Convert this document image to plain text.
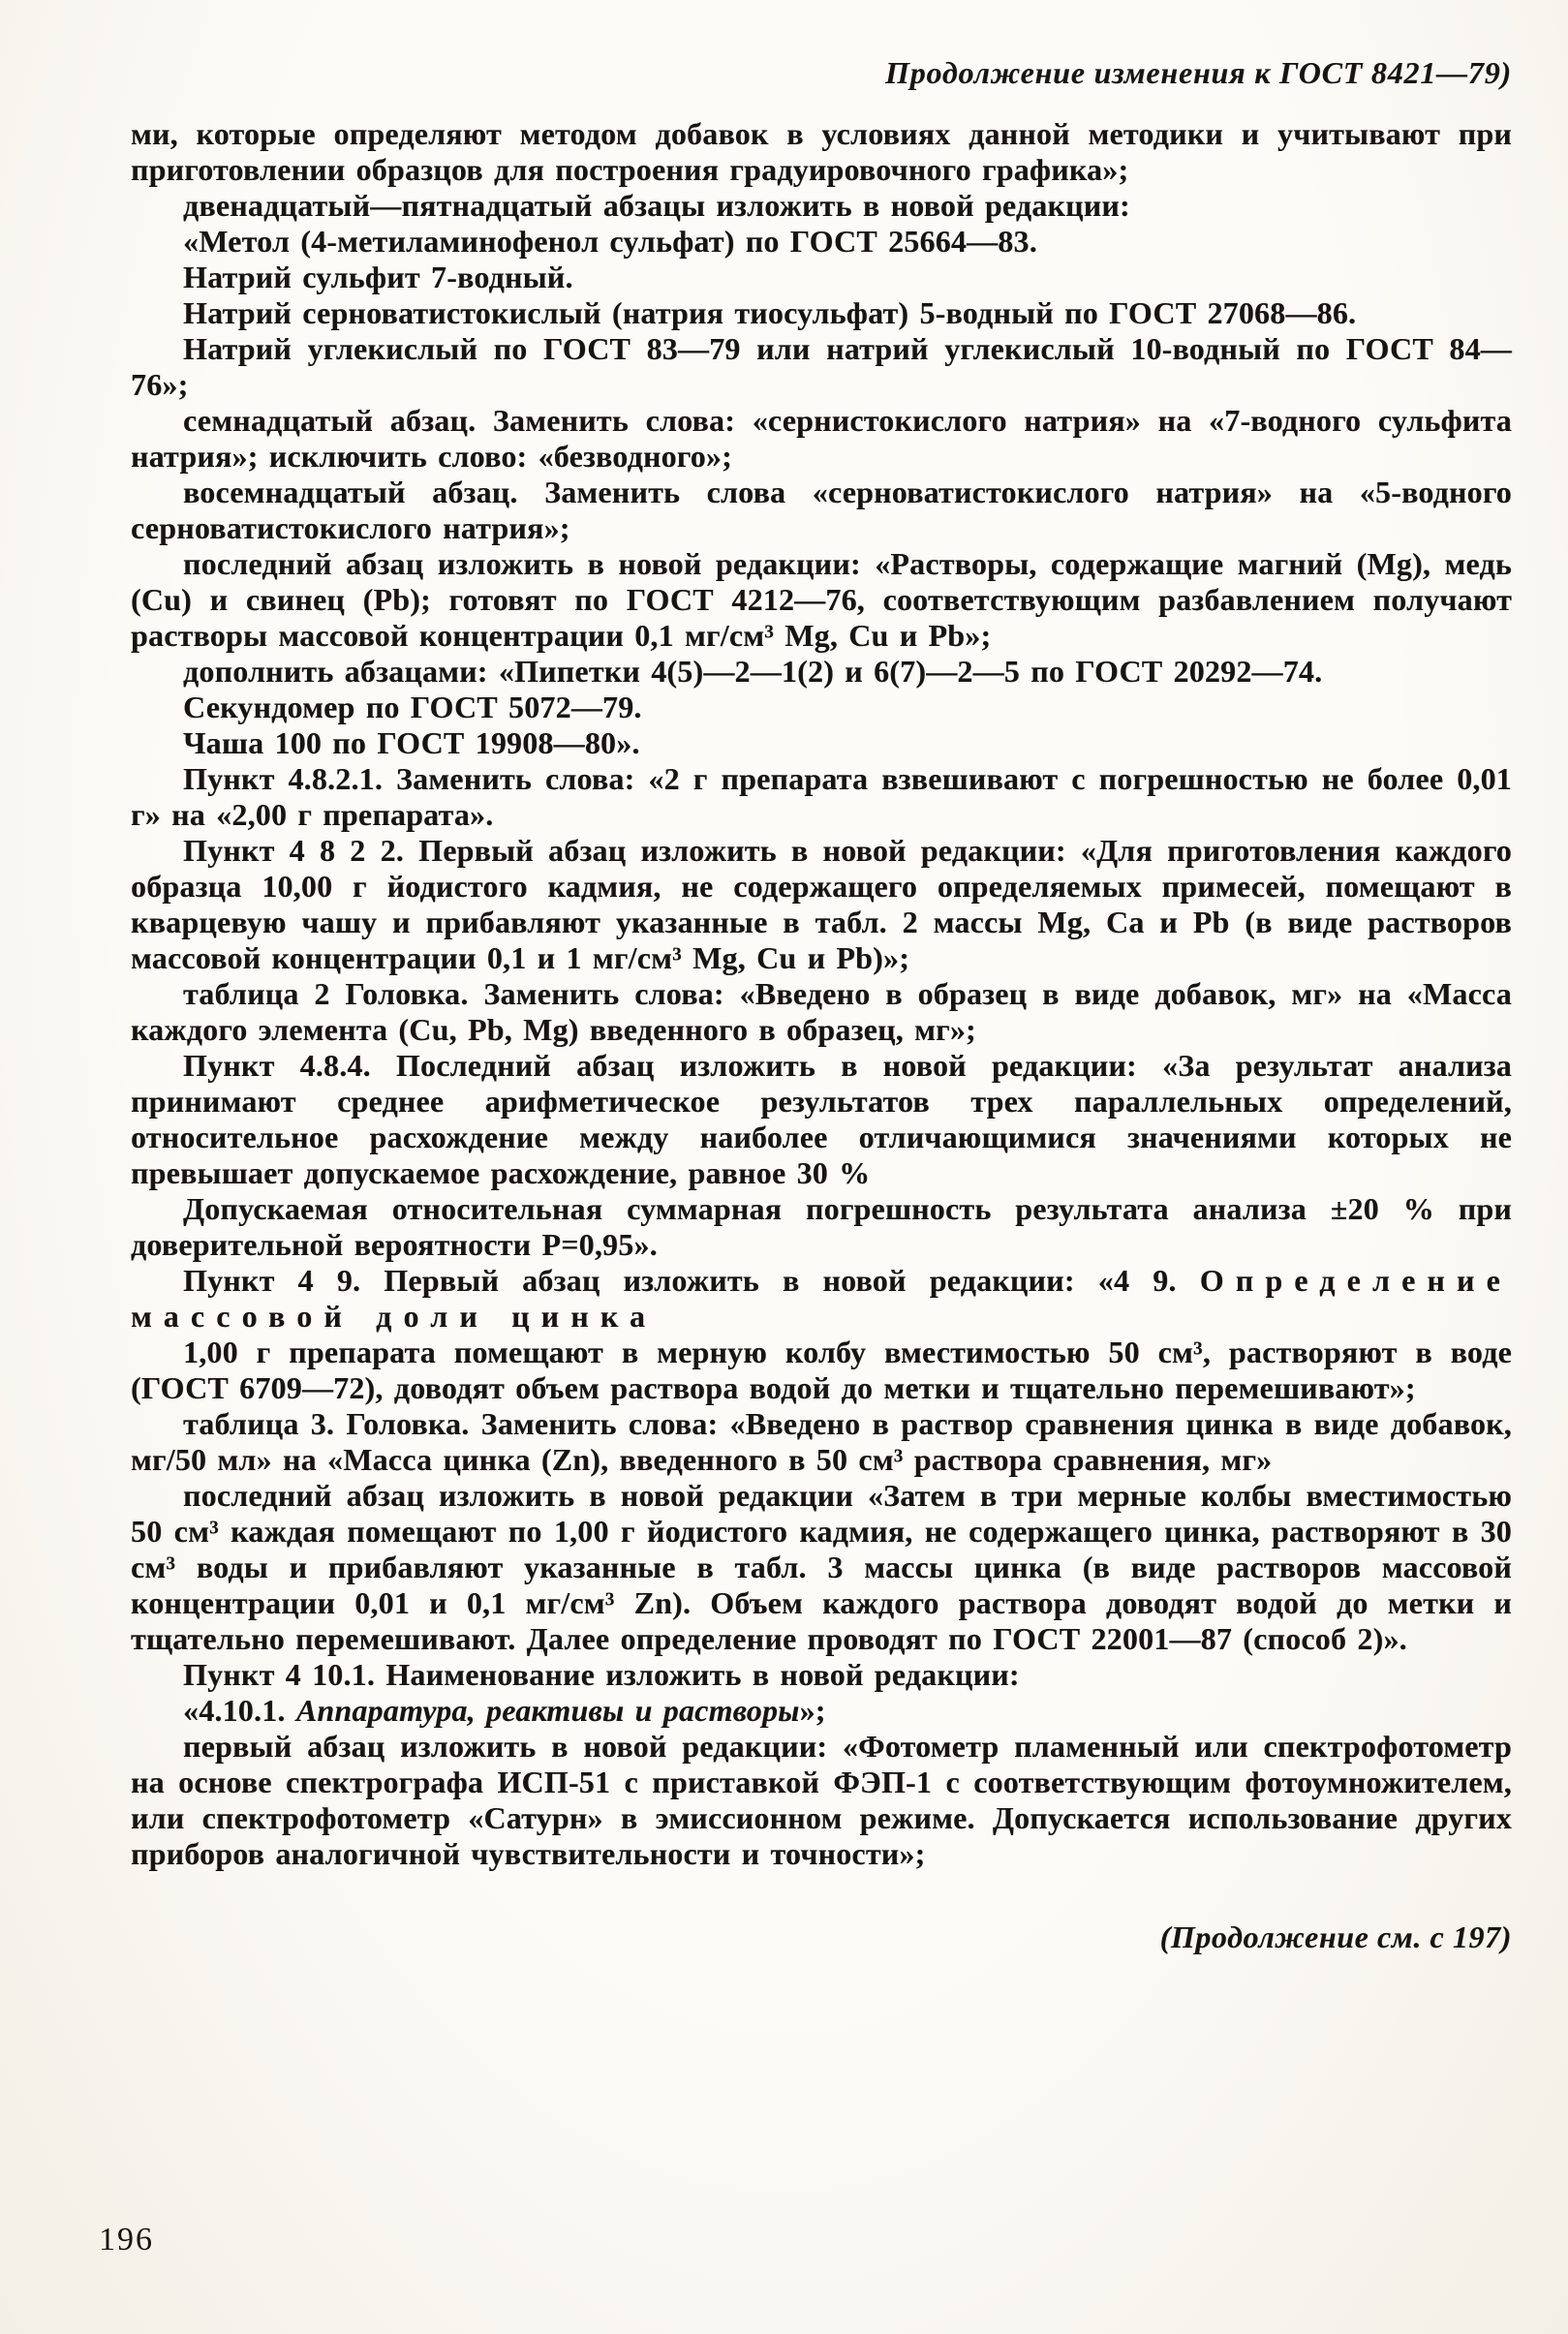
Продолжение изменения к ГОСТ 8421—79)

ми, которые определяют методом добавок в условиях данной методики и учитывают при приготовлении образцов для построения градуировочного графика»;

двенадцатый—пятнадцатый абзацы изложить в новой редакции:

«Метол (4-метиламинофенол сульфат) по ГОСТ 25664—83.

Натрий сульфит 7-водный.

Натрий серноватистокислый (натрия тиосульфат) 5-водный по ГОСТ 27068—86.

Натрий углекислый по ГОСТ 83—79 или натрий углекислый 10-водный по ГОСТ 84—76»;

семнадцатый абзац. Заменить слова: «сернистокислого натрия» на «7-водного сульфита натрия»; исключить слово: «безводного»;

восемнадцатый абзац. Заменить слова «серноватистокислого натрия» на «5-водного серноватистокислого натрия»;

последний абзац изложить в новой редакции: «Растворы, содержащие магний (Mg), медь (Cu) и свинец (Pb); готовят по ГОСТ 4212—76, соответствующим разбавлением получают растворы массовой концентрации 0,1 мг/см³ Mg, Cu и Pb»;

дополнить абзацами: «Пипетки 4(5)—2—1(2) и 6(7)—2—5 по ГОСТ 20292—74.

Секундомер по ГОСТ 5072—79.

Чаша 100 по ГОСТ 19908—80».

Пункт 4.8.2.1. Заменить слова: «2 г препарата взвешивают с погрешностью не более 0,01 г» на «2,00 г препарата».

Пункт 4 8 2 2. Первый абзац изложить в новой редакции: «Для приготовления каждого образца 10,00 г йодистого кадмия, не содержащего определяемых примесей, помещают в кварцевую чашу и прибавляют указанные в табл. 2 массы Mg, Ca и Pb (в виде растворов массовой концентрации 0,1 и 1 мг/см³ Mg, Cu и Pb)»;

таблица 2 Головка. Заменить слова: «Введено в образец в виде добавок, мг» на «Масса каждого элемента (Cu, Pb, Mg) введенного в образец, мг»;

Пункт 4.8.4. Последний абзац изложить в новой редакции: «За результат анализа принимают среднее арифметическое результатов трех параллельных определений, относительное расхождение между наиболее отличающимися значениями которых не превышает допускаемое расхождение, равное 30 %

Допускаемая относительная суммарная погрешность результата анализа ±20 % при доверительной вероятности Р=0,95».

Пункт 4 9. Первый абзац изложить в новой редакции: «4 9. Определение массовой доли цинка

1,00 г препарата помещают в мерную колбу вместимостью 50 см³, растворяют в воде (ГОСТ 6709—72), доводят объем раствора водой до метки и тщательно перемешивают»;

таблица 3. Головка. Заменить слова: «Введено в раствор сравнения цинка в виде добавок, мг/50 мл» на «Масса цинка (Zn), введенного в 50 см³ раствора сравнения, мг»

последний абзац изложить в новой редакции «Затем в три мерные колбы вместимостью 50 см³ каждая помещают по 1,00 г йодистого кадмия, не содержащего цинка, растворяют в 30 см³ воды и прибавляют указанные в табл. 3 массы цинка (в виде растворов массовой концентрации 0,01 и 0,1 мг/см³ Zn). Объем каждого раствора доводят водой до метки и тщательно перемешивают. Далее определение проводят по ГОСТ 22001—87 (способ 2)».

Пункт 4 10.1. Наименование изложить в новой редакции:

«4.10.1. Аппаратура, реактивы и растворы»;

первый абзац изложить в новой редакции: «Фотометр пламенный или спектрофотометр на основе спектрографа ИСП-51 с приставкой ФЭП-1 с соответствующим фотоумножителем, или спектрофотометр «Сатурн» в эмиссионном режиме. Допускается использование других приборов аналогичной чувствительности и точности»;

(Продолжение см. с 197)
196
